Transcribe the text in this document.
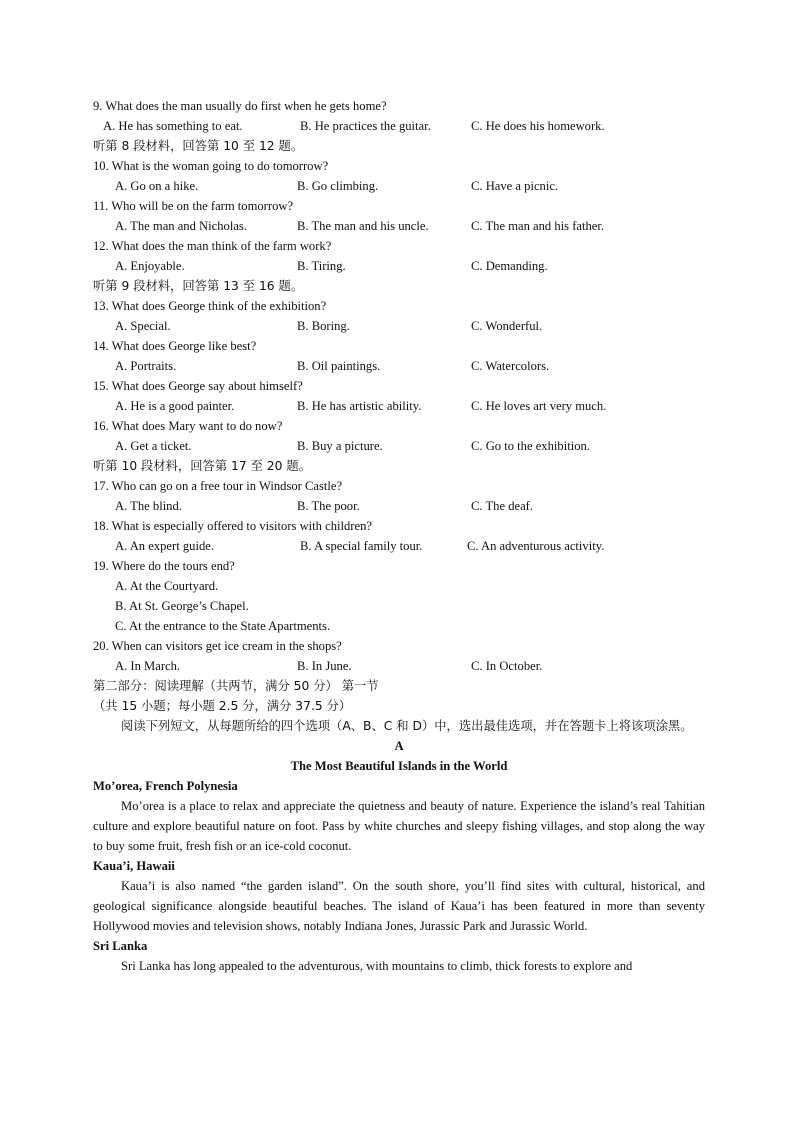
9. What does the man usually do first when he gets home?
A. He has something to eat.	B. He practices the guitar.	C. He does his homework.
听第 8 段材料，回答第 10 至 12 题。
10. What is the woman going to do tomorrow?
A. Go on a hike.	B. Go climbing.	C. Have a picnic.
11. Who will be on the farm tomorrow?
A. The man and Nicholas.	B. The man and his uncle.	C. The man and his father.
12. What does the man think of the farm work?
A. Enjoyable.	B. Tiring.	C. Demanding.
听第 9 段材料，回答第 13 至 16 题。
13. What does George think of the exhibition?
A. Special.	B. Boring.	C. Wonderful.
14. What does George like best?
A. Portraits.	B. Oil paintings.	C. Watercolors.
15. What does George say about himself?
A. He is a good painter.	B. He has artistic ability.	C. He loves art very much.
16. What does Mary want to do now?
A. Get a ticket.	B. Buy a picture.	C. Go to the exhibition.
听第 10 段材料，回答第 17 至 20 题。
17. Who can go on a free tour in Windsor Castle?
A. The blind.	B. The poor.	C. The deaf.
18. What is especially offered to visitors with children?
A. An expert guide.	B. A special family tour.	C. An adventurous activity.
19. Where do the tours end?
A. At the Courtyard.
B. At St. George’s Chapel.
C. At the entrance to the State Apartments.
20. When can visitors get ice cream in the shops?
A. In March.	B. In June.	C. In October.
第二部分：阅读理解（共两节，满分 50 分） 第一节
（共 15 小题；每小题 2.5 分，满分 37.5 分）
阅读下列短文，从每题所给的四个选项（A、B、C 和 D）中，选出最佳选项，并在答题卡上将该项涂黑。
A
The Most Beautiful Islands in the World
Mo’orea, French Polynesia
Mo’orea is a place to relax and appreciate the quietness and beauty of nature. Experience the island’s real Tahitian culture and explore beautiful nature on foot. Pass by white churches and sleepy fishing villages, and stop along the way to buy some fruit, fresh fish or an ice-cold coconut.
Kaua’i, Hawaii
Kaua’i is also named “the garden island”. On the south shore, you’ll find sites with cultural, historical, and geological significance alongside beautiful beaches. The island of Kaua’i has been featured in more than seventy Hollywood movies and television shows, notably Indiana Jones, Jurassic Park and Jurassic World.
Sri Lanka
Sri Lanka has long appealed to the adventurous, with mountains to climb, thick forests to explore and
